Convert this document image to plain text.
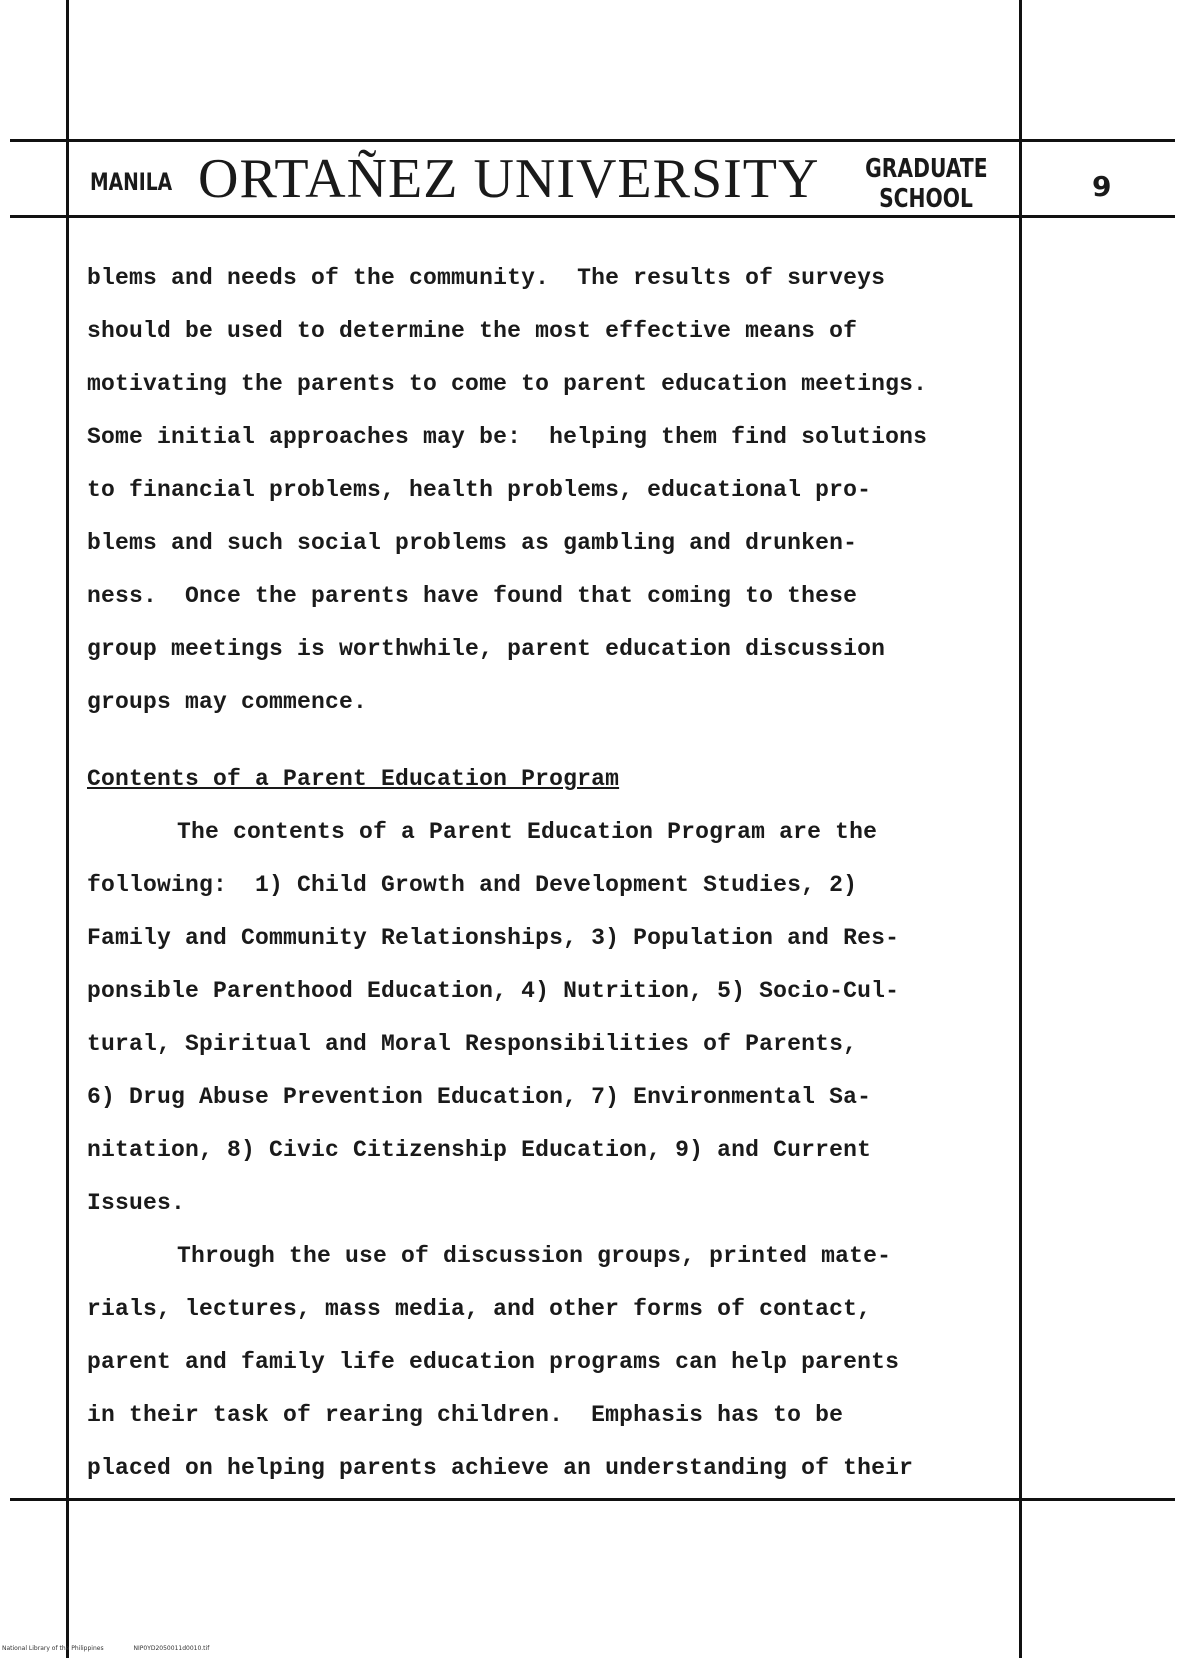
MANILA ORTAÑEZ UNIVERSITY GRADUATE
SCHOOL	9
blems and needs of the community.  The results of surveys
should be used to determine the most effective means of
motivating the parents to come to parent education meetings.
Some initial approaches may be:  helping them find solutions
to financial problems, health problems, educational pro-
blems and such social problems as gambling and drunken-
ness.  Once the parents have found that coming to these
group meetings is worthwhile, parent education discussion
groups may commence.
Contents of a Parent Education Program
The contents of a Parent Education Program are the
following:  1) Child Growth and Development Studies, 2)
Family and Community Relationships, 3) Population and Res-
ponsible Parenthood Education, 4) Nutrition, 5) Socio-Cul-
tural, Spiritual and Moral Responsibilities of Parents,
6) Drug Abuse Prevention Education, 7) Environmental Sa-
nitation, 8) Civic Citizenship Education, 9) and Current
Issues.
Through the use of discussion groups, printed mate-
rials, lectures, mass media, and other forms of contact,
parent and family life education programs can help parents
in their task of rearing children.  Emphasis has to be
placed on helping parents achieve an understanding of their
National Library of the Philippines	NIP0YD2050011d0010.tif
